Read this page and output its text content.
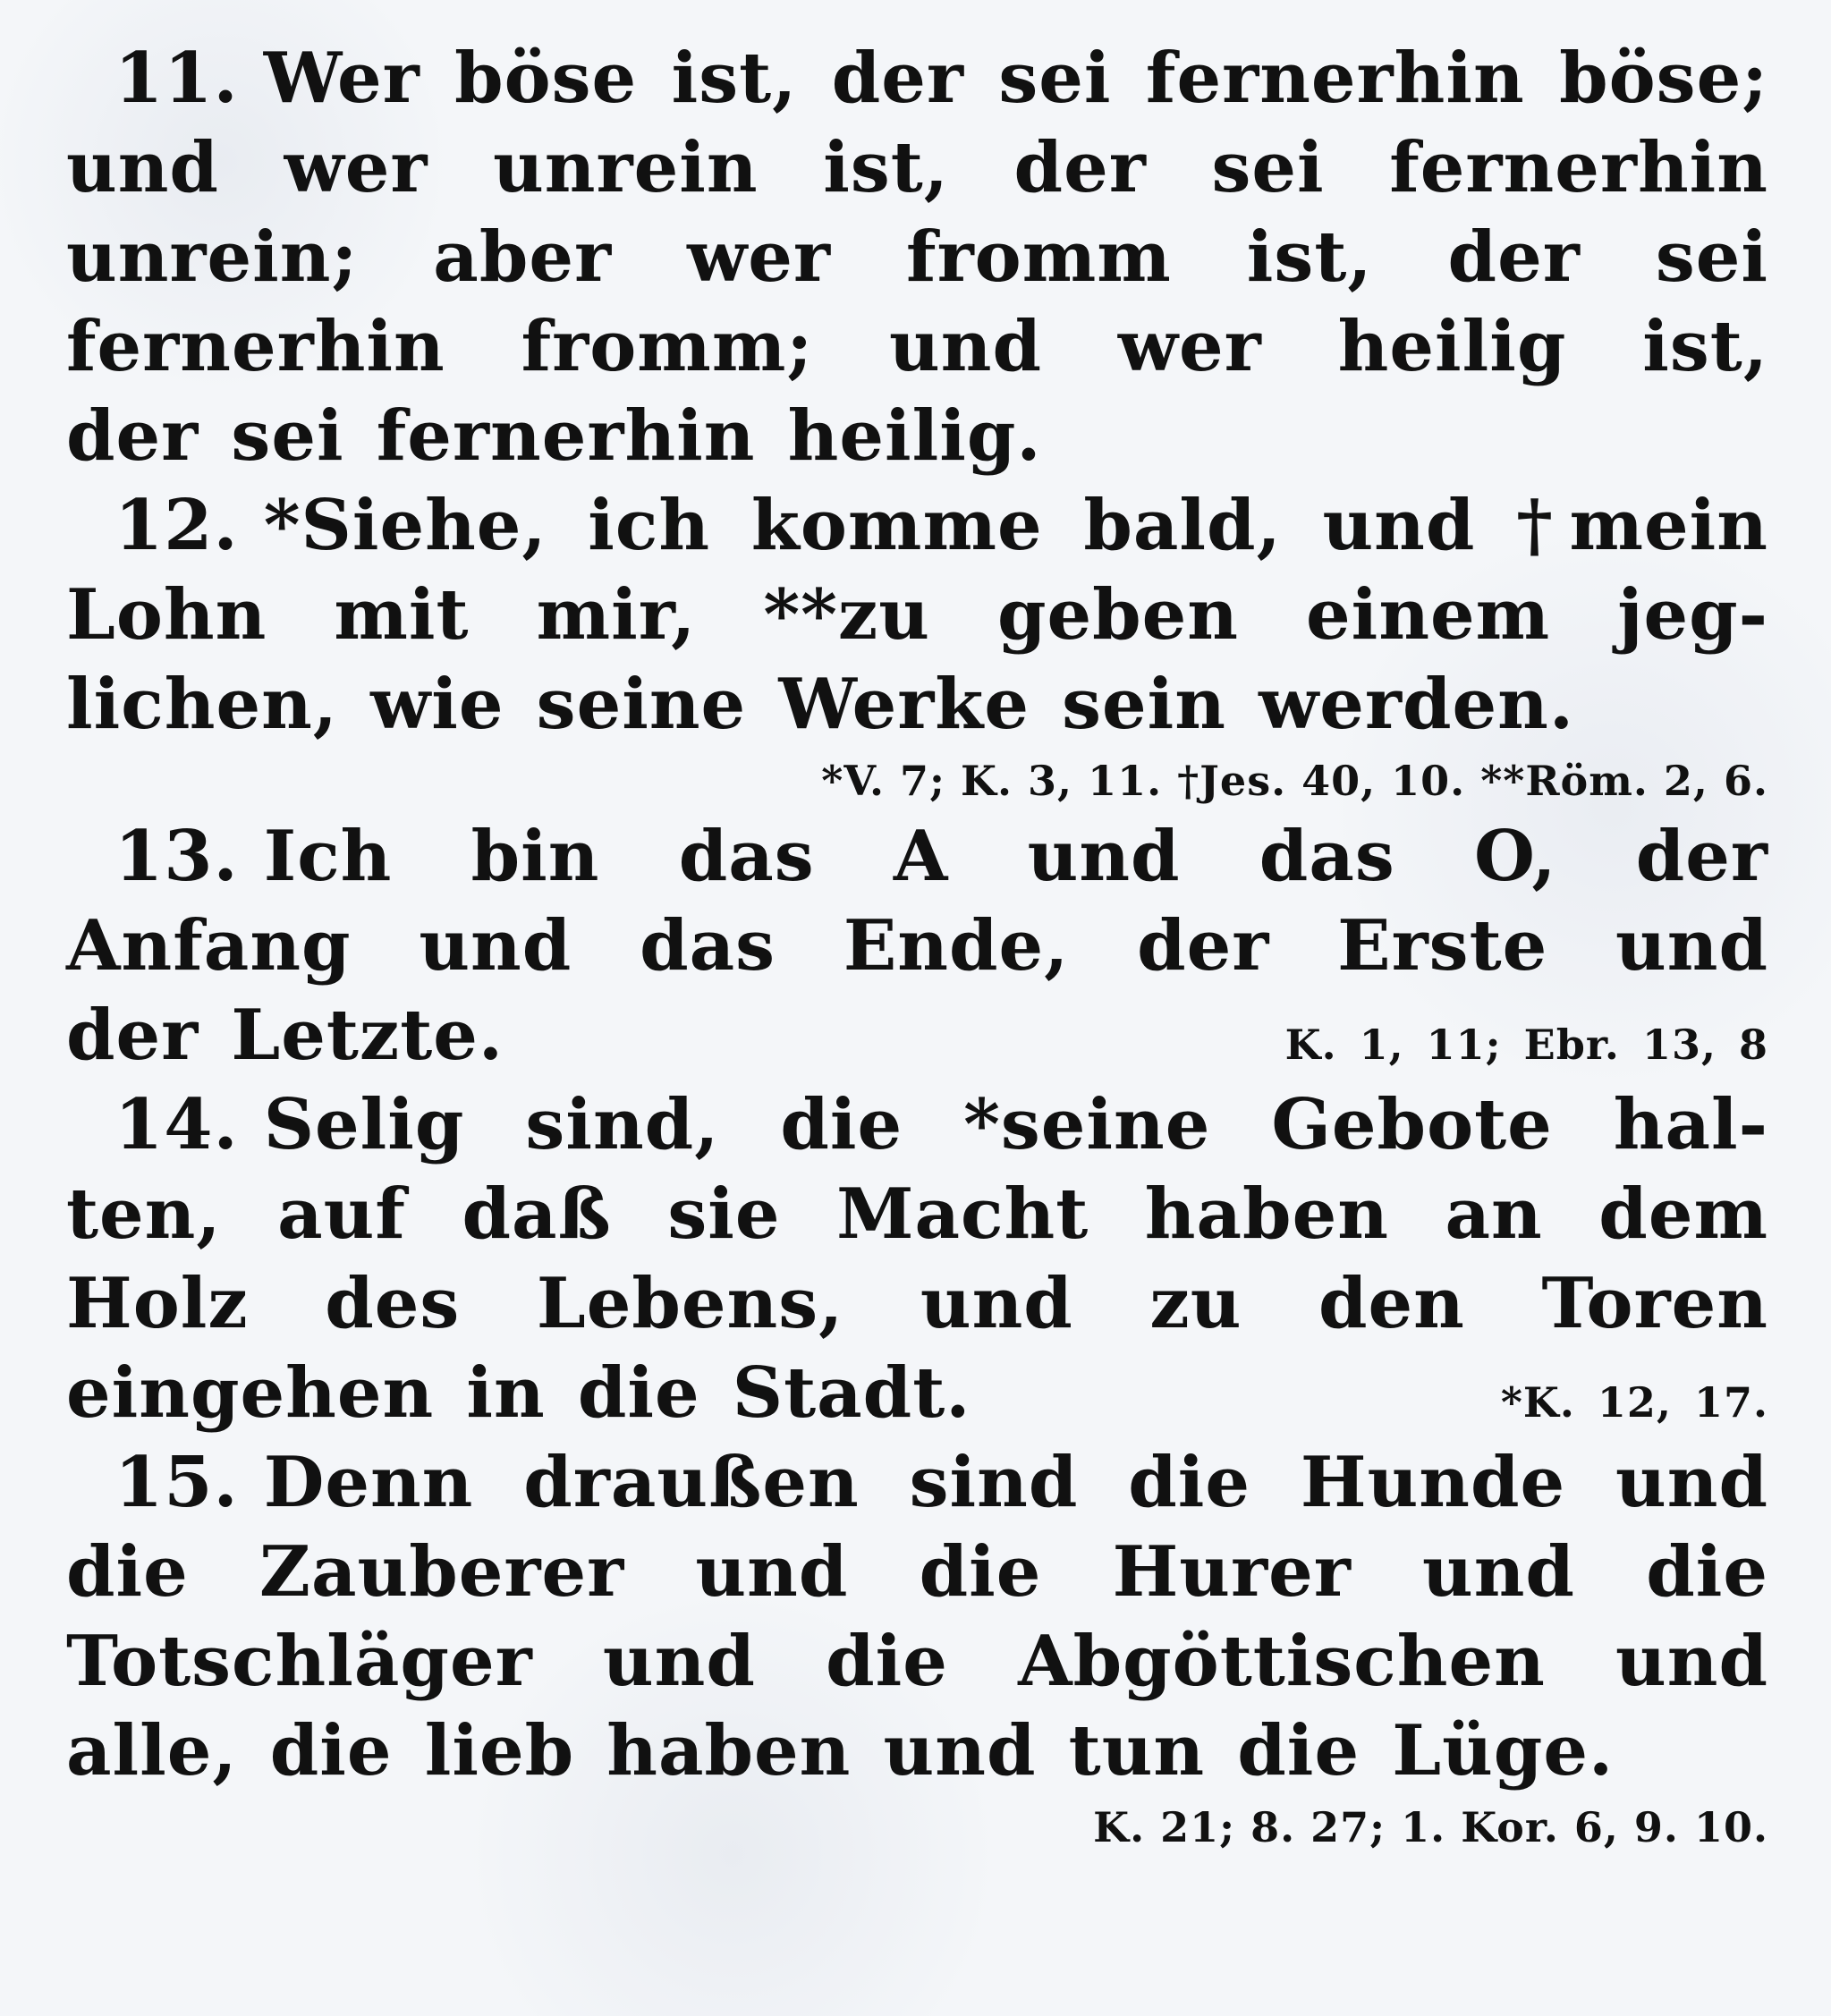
11. Wer böse ist, der sei fernerhin böse;
und wer unrein ist, der sei fernerhin
unrein; aber wer fromm ist, der sei
fernerhin fromm; und wer heilig ist,
der sei fernerhin heilig.
12. *Siehe, ich komme bald, und †mein
Lohn mit mir, **zu geben einem jeg-
lichen, wie seine Werke sein werden.
*V. 7; K. 3, 11. †Jes. 40, 10. **Röm. 2, 6.
13. Ich bin das A und das O, der
Anfang und das Ende, der Erste und
der Letzte.	K. 1, 11; Ebr. 13, 8
14. Selig sind, die *seine Gebote hal-
ten, auf daß sie Macht haben an dem
Holz des Lebens, und zu den Toren
eingehen in die Stadt.	*K. 12, 17.
15. Denn draußen sind die Hunde und
die Zauberer und die Hurer und die
Totschläger und die Abgöttischen und
alle, die lieb haben und tun die Lüge.
K. 21; 8. 27; 1. Kor. 6, 9. 10.
